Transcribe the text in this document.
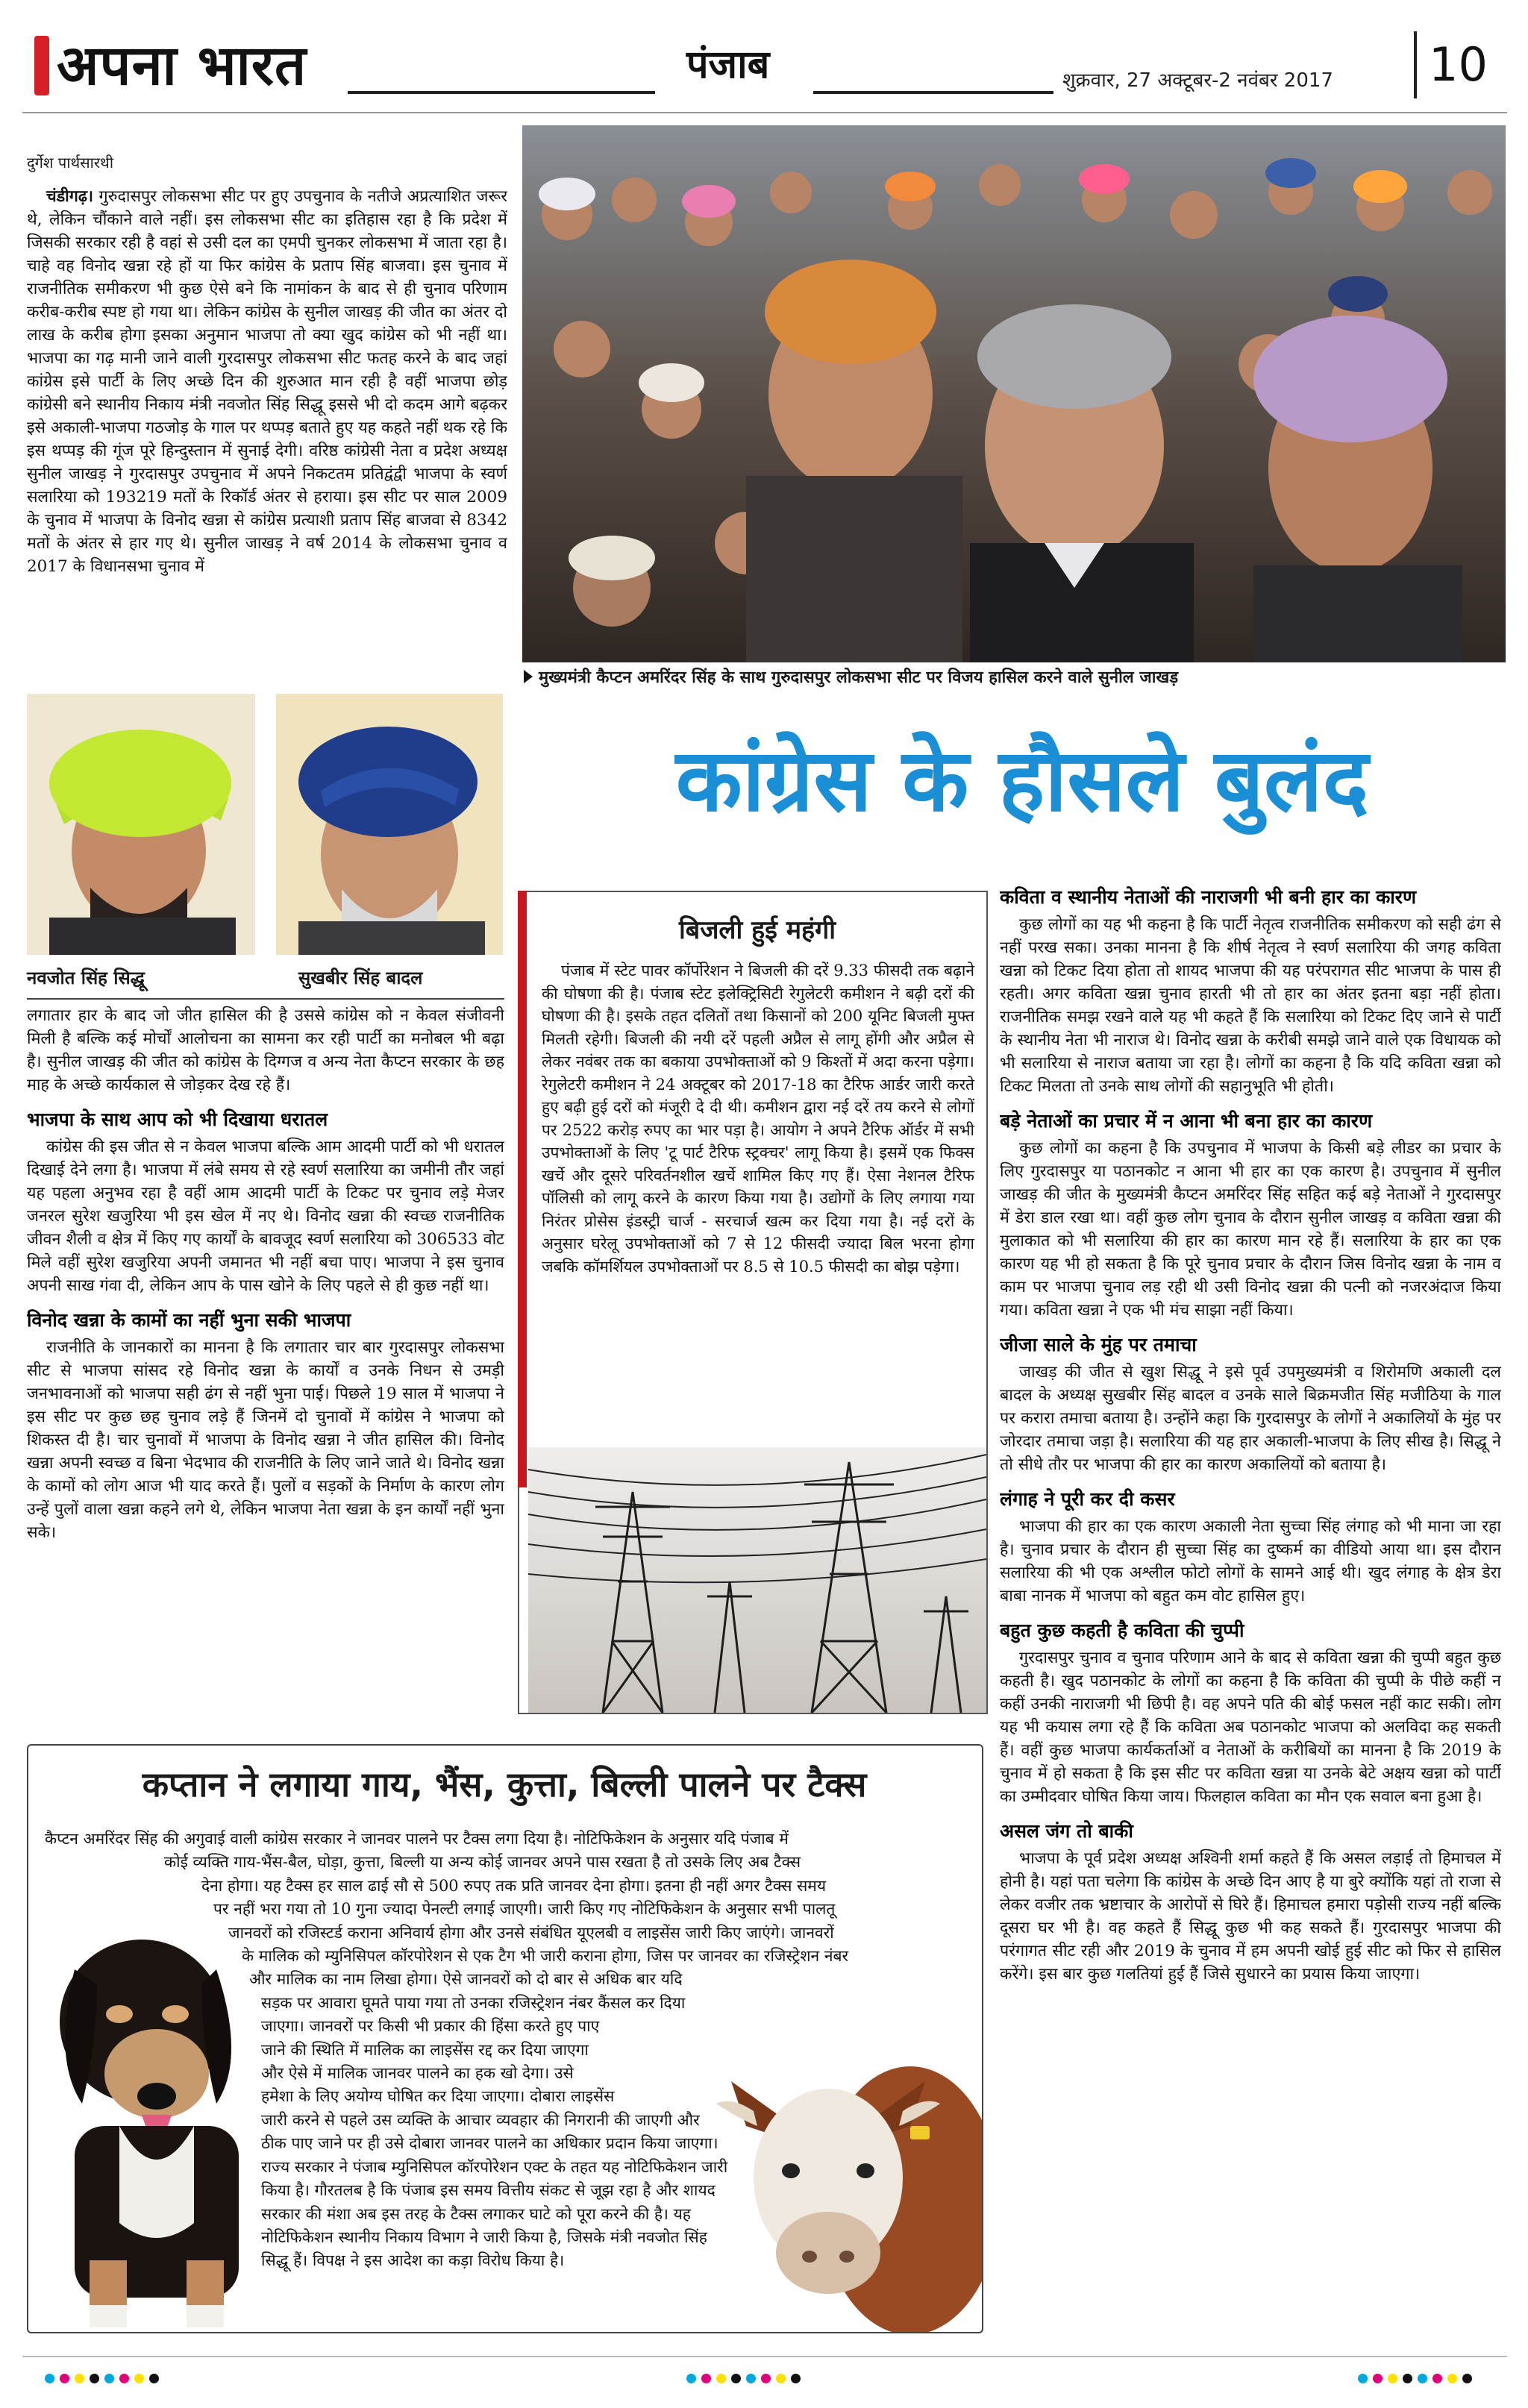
अपना भारत	पंजाब	शुक्रवार, 27 अक्टूबर-2 नवंबर 2017 10
दुर्गेश पार्थसारथी

चंडीगढ़। गुरुदासपुर लोकसभा सीट पर हुए उपचुनाव के नतीजे अप्रत्याशित जरूर थे, लेकिन चौंकाने वाले नहीं। इस लोकसभा सीट का इतिहास रहा है कि प्रदेश में जिसकी सरकार रही है वहां से उसी दल का एमपी चुनकर लोकसभा में जाता रहा है। चाहे वह विनोद खन्ना रहे हों या फिर कांग्रेस के प्रताप सिंह बाजवा। इस चुनाव में राजनीतिक समीकरण भी कुछ ऐसे बने कि नामांकन के बाद से ही चुनाव परिणाम करीब-करीब स्पष्ट हो गया था। लेकिन कांग्रेस के सुनील जाखड़ की जीत का अंतर दो लाख के करीब होगा इसका अनुमान भाजपा तो क्या खुद कांग्रेस को भी नहीं था। भाजपा का गढ़ मानी जाने वाली गुरदासपुर लोकसभा सीट फतह करने के बाद जहां कांग्रेस इसे पार्टी के लिए अच्छे दिन की शुरुआत मान रही है वहीं भाजपा छोड़ कांग्रेसी बने स्थानीय निकाय मंत्री नवजोत सिंह सिद्धू इससे भी दो कदम आगे बढ़कर इसे अकाली-भाजपा गठजोड़ के गाल पर थप्पड़ बताते हुए यह कहते नहीं थक रहे कि इस थप्पड़ की गूंज पूरे हिन्दुस्तान में सुनाई देगी। वरिष्ठ कांग्रेसी नेता व प्रदेश अध्यक्ष सुनील जाखड़ ने गुरदासपुर उपचुनाव में अपने निकटतम प्रतिद्वंद्वी भाजपा के स्वर्ण सलारिया को 193219 मतों के रिकॉर्ड अंतर से हराया। इस सीट पर साल 2009 के चुनाव में भाजपा के विनोद खन्ना से कांग्रेस प्रत्याशी प्रताप सिंह बाजवा से 8342 मतों के अंतर से हार गए थे। सुनील जाखड़ ने वर्ष 2014 के लोकसभा चुनाव व 2017 के विधानसभा चुनाव में

मुख्यमंत्री कैप्टन अमरिंदर सिंह के साथ गुरुदासपुर लोकसभा सीट पर विजय हासिल करने वाले सुनील जाखड़
कांग्रेस के हौसले बुलंद
नवजोत सिंह सिद्धू	सुखबीर सिंह बादल

लगातार हार के बाद जो जीत हासिल की है उससे कांग्रेस को न केवल संजीवनी मिली है बल्कि कई मोर्चों आलोचना का सामना कर रही पार्टी का मनोबल भी बढ़ा है। सुनील जाखड़ की जीत को कांग्रेस के दिग्गज व अन्य नेता कैप्टन सरकार के छह माह के अच्छे कार्यकाल से जोड़कर देख रहे हैं।

भाजपा के साथ आप को भी दिखाया धरातल

कांग्रेस की इस जीत से न केवल भाजपा बल्कि आम आदमी पार्टी को भी धरातल दिखाई देने लगा है। भाजपा में लंबे समय से रहे स्वर्ण सलारिया का जमीनी तौर जहां यह पहला अनुभव रहा है वहीं आम आदमी पार्टी के टिकट पर चुनाव लड़े मेजर जनरल सुरेश खजुरिया भी इस खेल में नए थे। विनोद खन्ना की स्वच्छ राजनीतिक जीवन शैली व क्षेत्र में किए गए कार्यों के बावजूद स्वर्ण सलारिया को 306533 वोट मिले वहीं सुरेश खजुरिया अपनी जमानत भी नहीं बचा पाए। भाजपा ने इस चुनाव अपनी साख गंवा दी, लेकिन आप के पास खोने के लिए पहले से ही कुछ नहीं था।

विनोद खन्ना के कामों का नहीं भुना सकी भाजपा

राजनीति के जानकारों का मानना है कि लगातार चार बार गुरदासपुर लोकसभा सीट से भाजपा सांसद रहे विनोद खन्ना के कार्यों व उनके निधन से उमड़ी जनभावनाओं को भाजपा सही ढंग से नहीं भुना पाई। पिछले 19 साल में भाजपा ने इस सीट पर कुछ छह चुनाव लड़े हैं जिनमें दो चुनावों में कांग्रेस ने भाजपा को शिकस्त दी है। चार चुनावों में भाजपा के विनोद खन्ना ने जीत हासिल की। विनोद खन्ना अपनी स्वच्छ व बिना भेदभाव की राजनीति के लिए जाने जाते थे। विनोद खन्ना के कामों को लोग आज भी याद करते हैं। पुलों व सड़कों के निर्माण के कारण लोग उन्हें पुलों वाला खन्ना कहने लगे थे, लेकिन भाजपा नेता खन्ना के इन कार्यों नहीं भुना सके।

बिजली हुई महंगी

पंजाब में स्टेट पावर कॉर्पोरेशन ने बिजली की दरें 9.33 फीसदी तक बढ़ाने की घोषणा की है। पंजाब स्टेट इलेक्ट्रिसिटी रेगुलेटरी कमीशन ने बढ़ी दरों की घोषणा की है। इसके तहत दलितों तथा किसानों को 200 यूनिट बिजली मुफ्त मिलती रहेगी। बिजली की नयी दरें पहली अप्रैल से लागू होंगी और अप्रैल से लेकर नवंबर तक का बकाया उपभोक्ताओं को 9 किश्तों में अदा करना पड़ेगा। रेगुलेटरी कमीशन ने 24 अक्टूबर को 2017-18 का टैरिफ आर्डर जारी करते हुए बढ़ी हुई दरों को मंजूरी दे दी थी। कमीशन द्वारा नई दरें तय करने से लोगों पर 2522 करोड़ रुपए का भार पड़ा है। आयोग ने अपने टैरिफ ऑर्डर में सभी उपभोक्ताओं के लिए 'टू पार्ट टैरिफ स्ट्रक्चर' लागू किया है। इसमें एक फिक्स खर्चे और दूसरे परिवर्तनशील खर्चे शामिल किए गए हैं। ऐसा नेशनल टैरिफ पॉलिसी को लागू करने के कारण किया गया है। उद्योगों के लिए लगाया गया निरंतर प्रोसेस इंडस्ट्री चार्ज - सरचार्ज खत्म कर दिया गया है। नई दरों के अनुसार घरेलू उपभोक्ताओं को 7 से 12 फीसदी ज्यादा बिल भरना होगा जबकि कॉमर्शियल उपभोक्ताओं पर 8.5 से 10.5 फीसदी का बोझ पड़ेगा।

कविता व स्थानीय नेताओं की नाराजगी भी बनी हार का कारण

कुछ लोगों का यह भी कहना है कि पार्टी नेतृत्व राजनीतिक समीकरण को सही ढंग से नहीं परख सका। उनका मानना है कि शीर्ष नेतृत्व ने स्वर्ण सलारिया की जगह कविता खन्ना को टिकट दिया होता तो शायद भाजपा की यह परंपरागत सीट भाजपा के पास ही रहती। अगर कविता खन्ना चुनाव हारती भी तो हार का अंतर इतना बड़ा नहीं होता। राजनीतिक समझ रखने वाले यह भी कहते हैं कि सलारिया को टिकट दिए जाने से पार्टी के स्थानीय नेता भी नाराज थे। विनोद खन्ना के करीबी समझे जाने वाले एक विधायक को भी सलारिया से नाराज बताया जा रहा है। लोगों का कहना है कि यदि कविता खन्ना को टिकट मिलता तो उनके साथ लोगों की सहानुभूति भी होती।

बड़े नेताओं का प्रचार में न आना भी बना हार का कारण

कुछ लोगों का कहना है कि उपचुनाव में भाजपा के किसी बड़े लीडर का प्रचार के लिए गुरदासपुर या पठानकोट न आना भी हार का एक कारण है। उपचुनाव में सुनील जाखड़ की जीत के मुख्यमंत्री कैप्टन अमरिंदर सिंह सहित कई बड़े नेताओं ने गुरदासपुर में डेरा डाल रखा था। वहीं कुछ लोग चुनाव के दौरान सुनील जाखड़ व कविता खन्ना की मुलाकात को भी सलारिया की हार का कारण मान रहे हैं। सलारिया के हार का एक कारण यह भी हो सकता है कि पूरे चुनाव प्रचार के दौरान जिस विनोद खन्ना के नाम व काम पर भाजपा चुनाव लड़ रही थी उसी विनोद खन्ना की पत्नी को नजरअंदाज किया गया। कविता खन्ना ने एक भी मंच साझा नहीं किया।

जीजा साले के मुंह पर तमाचा

जाखड़ की जीत से खुश सिद्धू ने इसे पूर्व उपमुख्यमंत्री व शिरोमणि अकाली दल बादल के अध्यक्ष सुखबीर सिंह बादल व उनके साले बिक्रमजीत सिंह मजीठिया के गाल पर करारा तमाचा बताया है। उन्होंने कहा कि गुरदासपुर के लोगों ने अकालियों के मुंह पर जोरदार तमाचा जड़ा है। सलारिया की यह हार अकाली-भाजपा के लिए सीख है। सिद्धू ने तो सीधे तौर पर भाजपा की हार का कारण अकालियों को बताया है।

लंगाह ने पूरी कर दी कसर

भाजपा की हार का एक कारण अकाली नेता सुच्चा सिंह लंगाह को भी माना जा रहा है। चुनाव प्रचार के दौरान ही सुच्चा सिंह का दुष्कर्म का वीडियो आया था। इस दौरान सलारिया की भी एक अश्लील फोटो लोगों के सामने आई थी। खुद लंगाह के क्षेत्र डेरा बाबा नानक में भाजपा को बहुत कम वोट हासिल हुए।

बहुत कुछ कहती है कविता की चुप्पी

गुरदासपुर चुनाव व चुनाव परिणाम आने के बाद से कविता खन्ना की चुप्पी बहुत कुछ कहती है। खुद पठानकोट के लोगों का कहना है कि कविता की चुप्पी के पीछे कहीं न कहीं उनकी नाराजगी भी छिपी है। वह अपने पति की बोई फसल नहीं काट सकी। लोग यह भी कयास लगा रहे हैं कि कविता अब पठानकोट भाजपा को अलविदा कह सकती हैं। वहीं कुछ भाजपा कार्यकर्ताओं व नेताओं के करीबियों का मानना है कि 2019 के चुनाव में हो सकता है कि इस सीट पर कविता खन्ना या उनके बेटे अक्षय खन्ना को पार्टी का उम्मीदवार घोषित किया जाय। फिलहाल कविता का मौन एक सवाल बना हुआ है।

असल जंग तो बाकी

भाजपा के पूर्व प्रदेश अध्यक्ष अश्विनी शर्मा कहते हैं कि असल लड़ाई तो हिमाचल में होनी है। यहां पता चलेगा कि कांग्रेस के अच्छे दिन आए है या बुरे क्योंकि यहां तो राजा से लेकर वजीर तक भ्रष्टाचार के आरोपों से घिरे हैं। हिमाचल हमारा पड़ोसी राज्य नहीं बल्कि दूसरा घर भी है। वह कहते हैं सिद्धू कुछ भी कह सकते हैं। गुरदासपुर भाजपा की परंगागत सीट रही और 2019 के चुनाव में हम अपनी खोई हुई सीट को फिर से हासिल करेंगे। इस बार कुछ गलतियां हुई हैं जिसे सुधारने का प्रयास किया जाएगा।

कप्तान ने लगाया गाय, भैंस, कुत्ता, बिल्ली पालने पर टैक्स
कैप्टन अमरिंदर सिंह की अगुवाई वाली कांग्रेस सरकार ने जानवर पालने पर टैक्स लगा दिया है। नोटिफिकेशन के अनुसार यदि पंजाब में
कोई व्यक्ति गाय-भैंस-बैल, घोड़ा, कुत्ता, बिल्ली या अन्य कोई जानवर अपने पास रखता है तो उसके लिए अब टैक्स
देना होगा। यह टैक्स हर साल ढाई सौ से 500 रुपए तक प्रति जानवर देना होगा। इतना ही नहीं अगर टैक्स समय
पर नहीं भरा गया तो 10 गुना ज्यादा पेनल्टी लगाई जाएगी। जारी किए गए नोटिफिकेशन के अनुसार सभी पालतू
जानवरों को रजिस्टर्ड कराना अनिवार्य होगा और उनसे संबंधित यूएलबी व लाइसेंस जारी किए जाएंगे। जानवरों
के मालिक को म्युनिसिपल कॉरपोरेशन से एक टैग भी जारी कराना होगा, जिस पर जानवर का रजिस्ट्रेशन नंबर
और मालिक का नाम लिखा होगा। ऐसे जानवरों को दो बार से अधिक बार यदि
सड़क पर आवारा घूमते पाया गया तो उनका रजिस्ट्रेशन नंबर कैंसल कर दिया
जाएगा। जानवरों पर किसी भी प्रकार की हिंसा करते हुए पाए
जाने की स्थिति में मालिक का लाइसेंस रद्द कर दिया जाएगा
और ऐसे में मालिक जानवर पालने का हक खो देगा। उसे
हमेशा के लिए अयोग्य घोषित कर दिया जाएगा। दोबारा लाइसेंस
जारी करने से पहले उस व्यक्ति के आचार व्यवहार की निगरानी की जाएगी और
ठीक पाए जाने पर ही उसे दोबारा जानवर पालने का अधिकार प्रदान किया जाएगा।
राज्य सरकार ने पंजाब म्युनिसिपल कॉरपोरेशन एक्ट के तहत यह नोटिफिकेशन जारी
किया है। गौरतलब है कि पंजाब इस समय वित्तीय संकट से जूझ रहा है और शायद
सरकार की मंशा अब इस तरह के टैक्स लगाकर घाटे को पूरा करने की है। यह
नोटिफिकेशन स्थानीय निकाय विभाग ने जारी किया है, जिसके मंत्री नवजोत सिंह
सिद्धू हैं। विपक्ष ने इस आदेश का कड़ा विरोध किया है।
